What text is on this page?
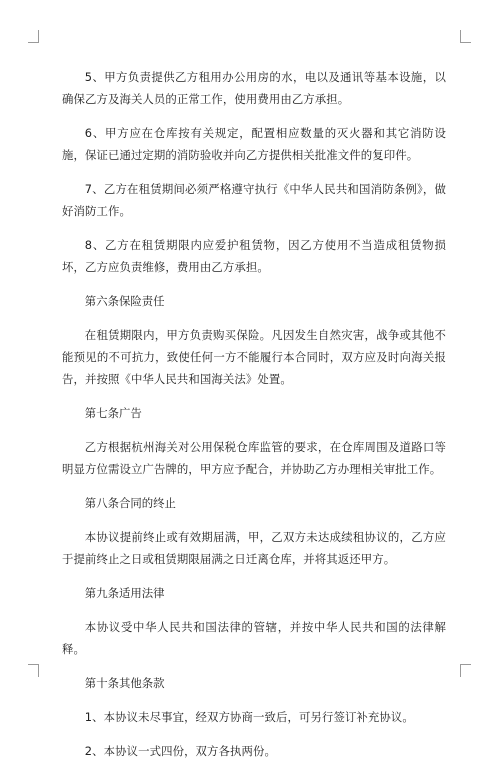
5、甲方负责提供乙方租用办公用房的水，电以及通讯等基本设施，以确保乙方及海关人员的正常工作，使用费用由乙方承担。

6、甲方应在仓库按有关规定，配置相应数量的灭火器和其它消防设施，保证已通过定期的消防验收并向乙方提供相关批准文件的复印件。

7、乙方在租赁期间必须严格遵守执行《中华人民共和国消防条例》，做好消防工作。

8、乙方在租赁期限内应爱护租赁物，因乙方使用不当造成租赁物损坏，乙方应负责维修，费用由乙方承担。

第六条保险责任

在租赁期限内，甲方负责购买保险。凡因发生自然灾害，战争或其他不能预见的不可抗力，致使任何一方不能履行本合同时，双方应及时向海关报告，并按照《中华人民共和国海关法》处置。

第七条广告

乙方根据杭州海关对公用保税仓库监管的要求，在仓库周围及道路口等明显方位需设立广告牌的，甲方应予配合，并协助乙方办理相关审批工作。

第八条合同的终止

本协议提前终止或有效期届满，甲，乙双方未达成续租协议的，乙方应于提前终止之日或租赁期限届满之日迁离仓库，并将其返还甲方。

第九条适用法律

本协议受中华人民共和国法律的管辖，并按中华人民共和国的法律解释。

第十条其他条款

1、本协议未尽事宜，经双方协商一致后，可另行签订补充协议。

2、本协议一式四份，双方各执两份。
